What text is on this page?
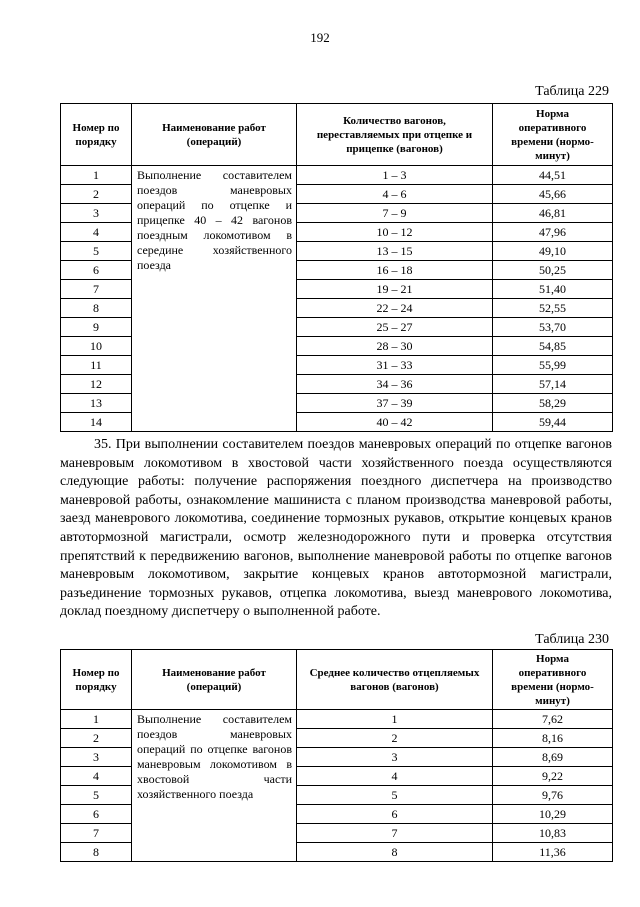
192
Таблица 229
Номер по порядку	Наименование работ (операций)	Количество вагонов, переставляемых при отцепке и прицепке (вагонов)	Норма оперативного времени (нормо-минут)
1	Выполнение составителем поездов маневровых операций по отцепке и прицепке 40 – 42 вагонов поездным локомотивом в середине хозяйственного поезда	1 – 3	44,51
2		4 – 6	45,66
3		7 – 9	46,81
4		10 – 12	47,96
5		13 – 15	49,10
6		16 – 18	50,25
7		19 – 21	51,40
8		22 – 24	52,55
9		25 – 27	53,70
10		28 – 30	54,85
11		31 – 33	55,99
12		34 – 36	57,14
13		37 – 39	58,29
14		40 – 42	59,44
35. При выполнении составителем поездов маневровых операций по отцепке вагонов маневровым локомотивом в хвостовой части хозяйственного поезда осуществляются следующие работы: получение распоряжения поездного диспетчера на производство маневровой работы, ознакомление машиниста с планом производства маневровой работы, заезд маневрового локомотива, соединение тормозных рукавов, открытие концевых кранов автотормозной магистрали, осмотр железнодорожного пути и проверка отсутствия препятствий к передвижению вагонов, выполнение маневровой работы по отцепке вагонов маневровым локомотивом, закрытие концевых кранов автотормозной магистрали, разъединение тормозных рукавов, отцепка локомотива, выезд маневрового локомотива, доклад поездному диспетчеру о выполненной работе.
Таблица 230
Номер по порядку	Наименование работ (операций)	Среднее количество отцепляемых вагонов (вагонов)	Норма оперативного времени (нормо-минут)
1	Выполнение составителем поездов маневровых операций по отцепке вагонов маневровым локомотивом в хвостовой части хозяйственного поезда	1	7,62
2		2	8,16
3		3	8,69
4		4	9,22
5		5	9,76
6		6	10,29
7		7	10,83
8		8	11,36
